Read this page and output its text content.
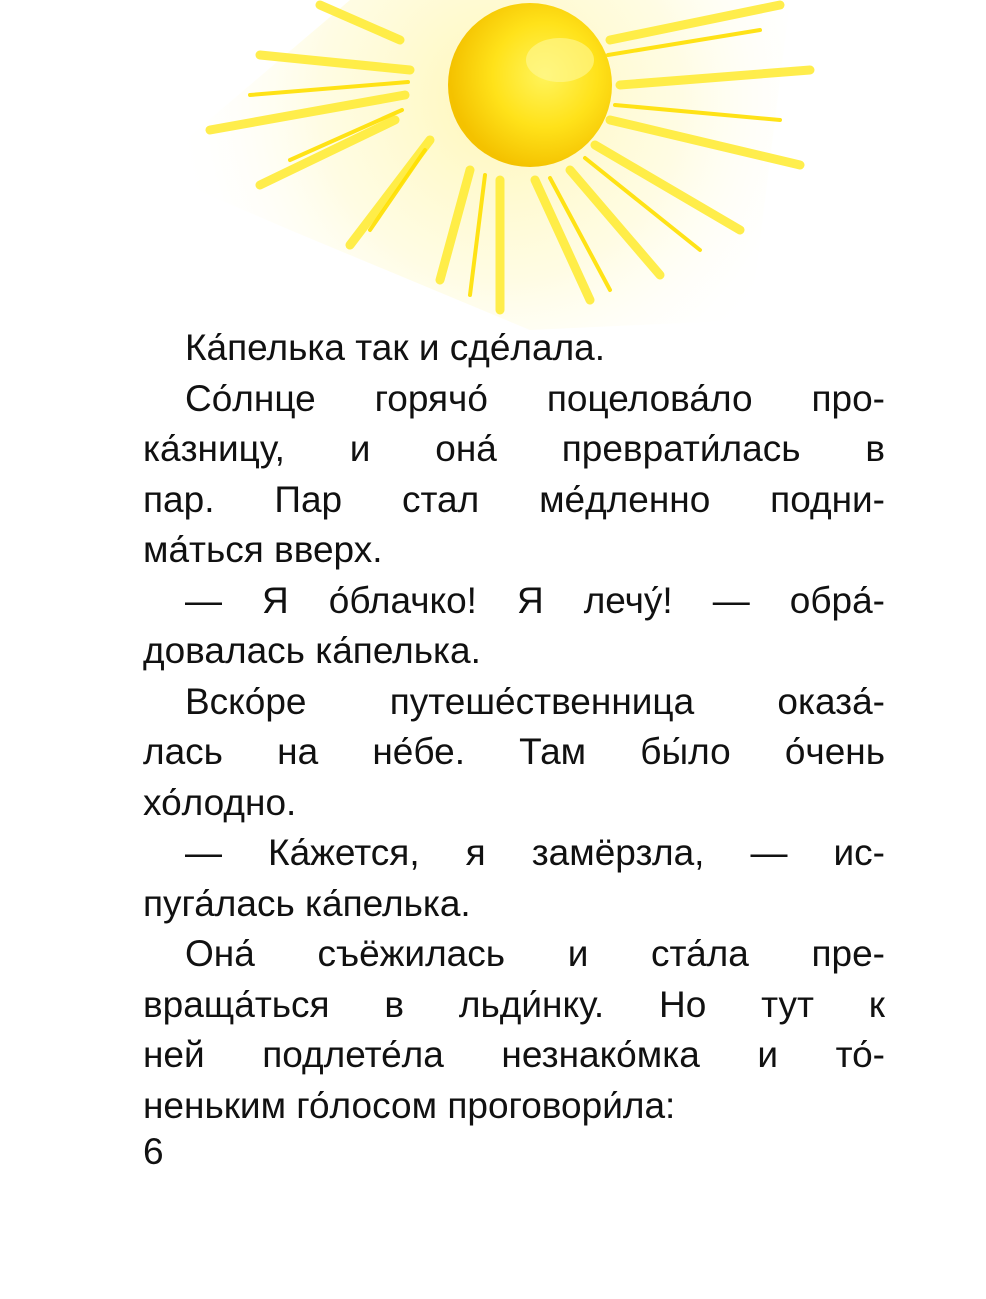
Ка́пелька так и сде́лала.
Со́лнце горячо́ поцелова́ло про-
ка́зницу, и она́ преврати́лась в
пар. Пар стал ме́дленно подни-
ма́ться вверх.
— Я о́блачко! Я лечу́! — обра́-
довалась ка́пелька.
Вско́ре путеше́ственница оказа́-
лась на не́бе. Там бы́ло о́чень
хо́лодно.
— Ка́жется, я замёрзла, — ис-
пуга́лась ка́пелька.
Она́ съёжилась и ста́ла пре-
враща́ться в льди́нку. Но тут к
ней подлете́ла незнако́мка и то́-
неньким го́лосом проговори́ла:
6
